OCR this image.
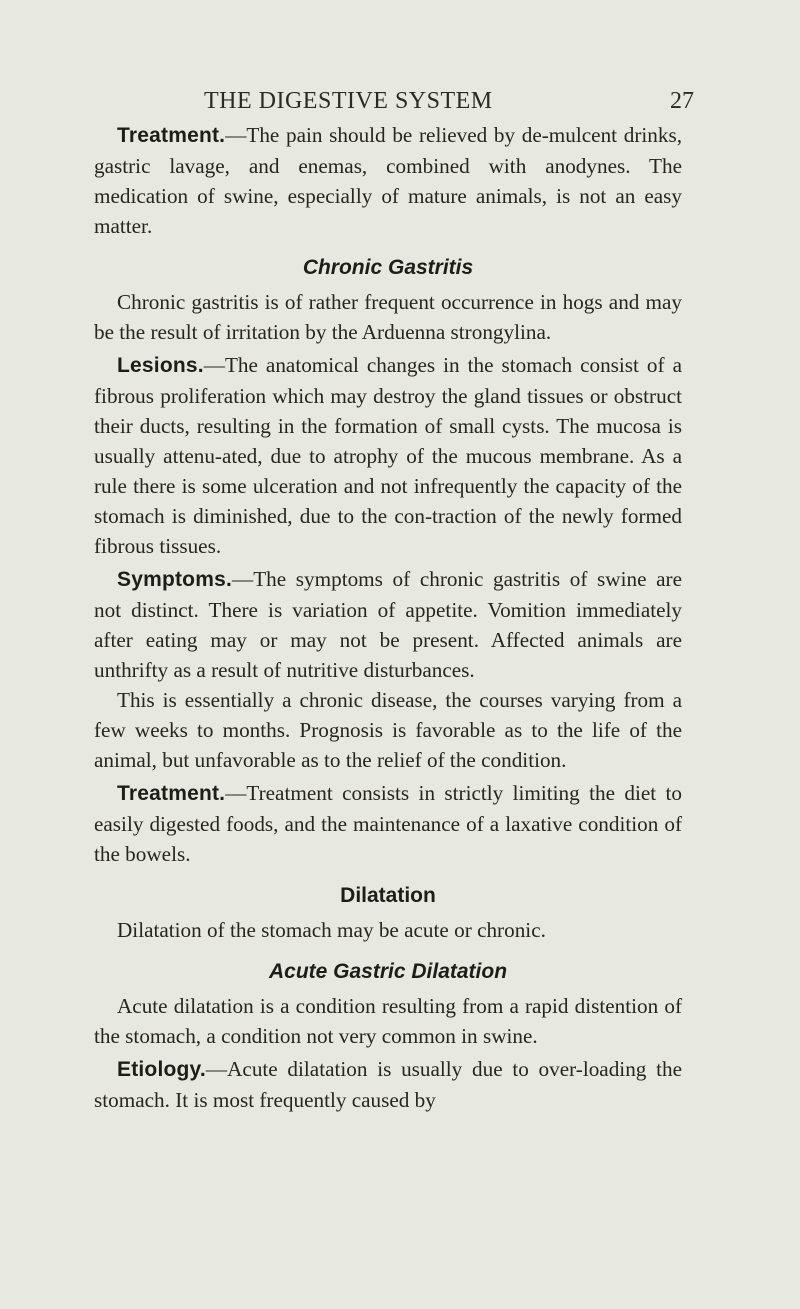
THE DIGESTIVE SYSTEM	27

Treatment.—The pain should be relieved by de-mulcent drinks, gastric lavage, and enemas, combined with anodynes. The medication of swine, especially of mature animals, is not an easy matter.

Chronic Gastritis

Chronic gastritis is of rather frequent occurrence in hogs and may be the result of irritation by the Arduenna strongylina.

Lesions.—The anatomical changes in the stomach consist of a fibrous proliferation which may destroy the gland tissues or obstruct their ducts, resulting in the formation of small cysts. The mucosa is usually attenu-ated, due to atrophy of the mucous membrane. As a rule there is some ulceration and not infrequently the capacity of the stomach is diminished, due to the con-traction of the newly formed fibrous tissues.

Symptoms.—The symptoms of chronic gastritis of swine are not distinct. There is variation of appetite. Vomition immediately after eating may or may not be present. Affected animals are unthrifty as a result of nutritive disturbances.

This is essentially a chronic disease, the courses varying from a few weeks to months. Prognosis is favorable as to the life of the animal, but unfavorable as to the relief of the condition.

Treatment.—Treatment consists in strictly limiting the diet to easily digested foods, and the maintenance of a laxative condition of the bowels.

Dilatation

Dilatation of the stomach may be acute or chronic.

Acute Gastric Dilatation

Acute dilatation is a condition resulting from a rapid distention of the stomach, a condition not very common in swine.

Etiology.—Acute dilatation is usually due to over-loading the stomach. It is most frequently caused by
